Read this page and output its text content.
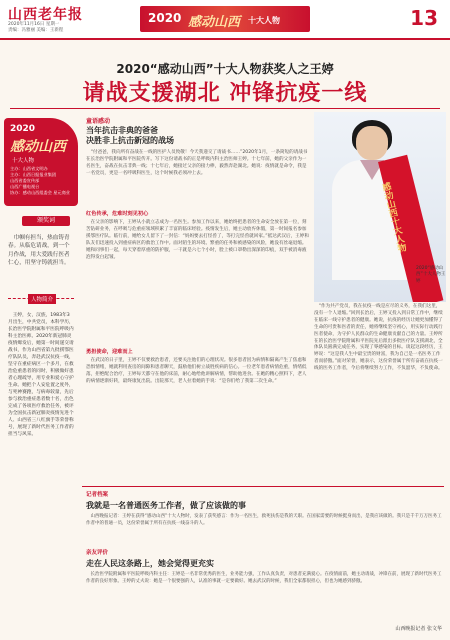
山西老年报
2020年11月16日 星期一
责编：冯雅丽 美编：王新程
2020 感动山西 十大人物	13
2020“感动山西”十大人物获奖人之王婷
请战支援湖北 冲锋抗疫一线
2020
感动山西
十大人物
主办：山西省文明办
主办：山西日报报业集团
山西省委宣传部
山西广播电视台
协办：感动山西组委会 星元商业
颁奖词
巾帼有担当，热血铸青春。从临危请战，到一个月作战，用大爱践行医者仁心，用坚守铸就担当。
人物简介
王婷，女，汉族，1983年3月出生，中共党员，本科学历，长治医学院附属和平医院呼吸内科主治医师。2020年新冠肺炎疫情爆发后，她第一时间递交请战书，作为山西省第九批援鄂医疗队队员，奔赴武汉抗疫一线，坚守在重症病区一个多月，在救治危重患者的同时，积极做好患者心理疏导，用专业和爱心守护生命。她把个人安危置之度外，与死神赛跑，与病毒较量，先后参与救治重症患者数十名，出色完成了各项医疗救治任务，被评为全国抗击新冠肺炎疫情先进个人、山西省三八红旗手等荣誉称号，展现了新时代医务工作者的担当与风采。
童语感动
当年抗击非典的爸爸
决胜非上抗击新冠的战场
“付爸爸，我向所有奋战在一线的医护人员致敬！今天我递交了请战书……”2020年1月，一条简短的请战书在长治医学院附属和平医院传开。写下这份请战书的正是呼吸内科主治医师王婷。十七年前，她的父亲作为一名医生，奋战在抗击非典一线；十七年后，她接过父亲的接力棒，毅然奔赴湖北。她说：疫情就是命令，我是一名党员，更是一名呼吸科医生，这个时候我必须冲上去。
红色传承，危难时刻见初心
在父亲的影响下，王婷从小就立志成为一名医生。参加工作以来，她始终把患者的生命安全放在第一位，刻苦钻研业务，在呼吸与危重症领域积累了丰富的临床经验。疫情发生后，她主动放弃休假，第一时间报名参加援鄂医疗队。临行前，她给女儿留下了一封信：“妈妈要去打怪兽了，等打完怪兽就回家。”抵达武汉后，王婷和队友们迅速投入到重症病区的救治工作中。面对陌生的环境、繁重的任务和被感染的风险，她没有丝毫退缩。她和同事们一起，每天穿着厚重的防护服，一干就是六七个小时，脸上被口罩勒出深深的印痕，双手被消毒液泡得发白起皱。
勇担使命，迎难而上
在武汉的日子里，王婷不仅要救治患者，还要关注他们的心理状况。很多患者因为病情和隔离产生了焦虑和恐惧情绪，她就利用查房的间隙和患者聊天，鼓励他们树立战胜疾病的信心。一位老年患者病情危重，情绪低落，拒绝配合治疗，王婷每天都守在他的床前，耐心地给他讲解病情，帮助他进食。在她的精心照料下，老人的病情逐渐好转，最终康复出院。出院那天，老人拉着她的手说：“是你们给了我第二次生命。”
感动山西十大人物
2020“感动山西”十大人物王婷
“作为共产党员，我在抗疫一线是应尽的义务，在我们这里，没有一个人退缩。”回到长治后，王婷又投入到日常工作中，继续在临床一线守护患者的健康。她说，抗疫的经历让她更加懂得了生命的可贵和医者的责任，她将继续坚守初心，用实际行动践行医者使命，为守护人民群众的生命健康贡献自己的力量。王婷所在的长治医学院附属和平医院先后派出多批医疗队支援湖北，全体队员圆满完成任务，实现了零感染的目标。谈起这段经历，王婷说：“这是我人生中最宝贵的财富，我为自己是一名医务工作者而骄傲。”面对荣誉，她表示，这份荣誉属于所有奋战在抗疫一线的医务工作者，今后将继续努力工作，不负韶华，不负使命。
记者档案
我就是一名普通医务工作者，做了应该做的事
山西晚报记者：王婷在获得“感动山西”十大人物时，发表了获奖感言：作为一名医生，救死扶伤是我的天职。在国家需要的时候挺身而出，是我应该做的。我只是千千万万医务工作者中的普通一员，这份荣誉属于所有在抗疫一线奋斗的人。
亲友评价
走在人民这条路上，她会觉得更充实
长治医学院附属和平医院呼吸内科主任：王婷是一名非常优秀的医生，业务能力强，工作认真负责，对患者充满爱心。在疫情面前，她主动请战，冲锋在前，展现了新时代医务工作者的良好形象。王婷的丈夫说：她是一个很要强的人，认准的事就一定要做好。她去武汉的时候，我们全家都很担心，但也为她感到骄傲。
山西晚报记者 张文华
